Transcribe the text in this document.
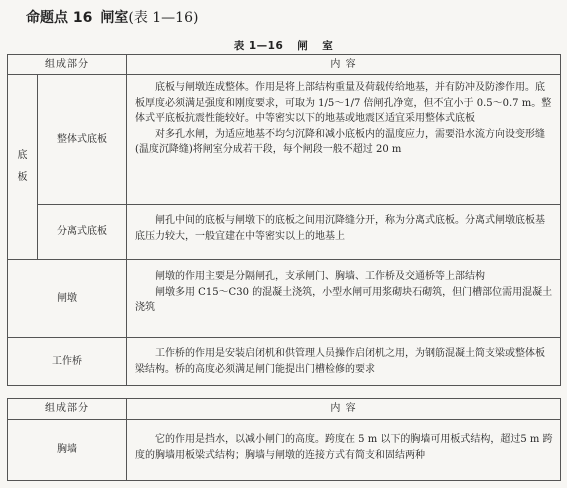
命题点 16 闸室(表 1—16)
表 1—16 闸 室
组成部分	内 容
底
板
整体式底板
底板与闸墩连成整体。作用是将上部结构重量及荷载传给地基，并有防冲及防渗作用。底板厚度必须满足强度和刚度要求，可取为 1/5～1/7 倍闸孔净宽，但不宜小于 0.5～0.7 m。整体式平底板抗震性能较好。中等密实以下的地基或地震区适宜采用整体式底板
对多孔水闸，为适应地基不均匀沉降和减小底板内的温度应力，需要沿水流方向设变形缝(温度沉降缝)将闸室分成若干段，每个闸段一般不超过 20 m
分离式底板
闸孔中间的底板与闸墩下的底板之间用沉降缝分开，称为分离式底板。分离式闸墩底板基底压力较大，一般宜建在中等密实以上的地基上
闸墩
闸墩的作用主要是分隔闸孔，支承闸门、胸墙、工作桥及交通桥等上部结构
闸墩多用 C15～C30 的混凝土浇筑，小型水闸可用浆砌块石砌筑，但门槽部位需用混凝土浇筑
工作桥
工作桥的作用是安装启闭机和供管理人员操作启闭机之用，为钢筋混凝土简支梁或整体板梁结构。桥的高度必须满足闸门能提出门槽检修的要求
组成部分	内 容
胸墙
它的作用是挡水，以减小闸门的高度。跨度在 5 m 以下的胸墙可用板式结构，超过5 m 跨度的胸墙用板梁式结构；胸墙与闸墩的连接方式有简支和固结两种
